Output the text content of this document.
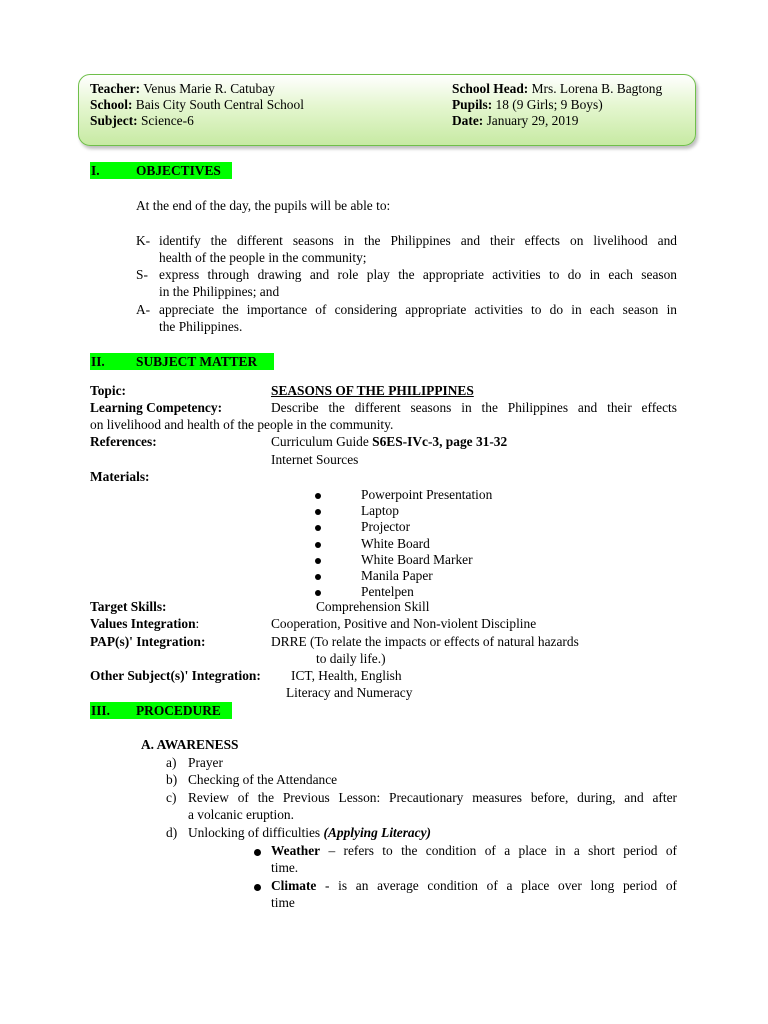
Teacher: Venus Marie R. Catubay
School: Bais City South Central School
Subject: Science-6
School Head: Mrs. Lorena B. Bagtong
Pupils: 18 (9 Girls; 9 Boys)
Date: January 29, 2019
I.	OBJECTIVES
At the end of the day, the pupils will be able to:
K- identify the different seasons in the Philippines and their effects on livelihood and
health of the people in the community;
S- express through drawing and role play the appropriate activities to do in each season
in the Philippines; and
A- appreciate the importance of considering appropriate activities to do in each season in
the Philippines.
II. SUBJECT MATTER
Topic:	SEASONS OF THE PHILIPPINES
Learning Competency:	Describe the different seasons in the Philippines and their effects
on livelihood and health of the people in the community.
References:	Curriculum Guide S6ES-IVc-3, page 31-32
Internet Sources
Materials:
Powerpoint Presentation
Laptop
Projector
White Board
White Board Marker
Manila Paper
Pentelpen
Target Skills:	Comprehension Skill
Values Integration:	Cooperation, Positive and Non-violent Discipline
PAP(s)' Integration:	DRRE (To relate the impacts or effects of natural hazards
to daily life.)
Other Subject(s)' Integration: ICT, Health, English
Literacy and Numeracy
III. PROCEDURE
A. AWARENESS
a) Prayer
b) Checking of the Attendance
c) Review of the Previous Lesson: Precautionary measures before, during, and after
a volcanic eruption.
d) Unlocking of difficulties (Applying Literacy)
Weather – refers to the condition of a place in a short period of
time.
Climate - is an average condition of a place over long period of
time
